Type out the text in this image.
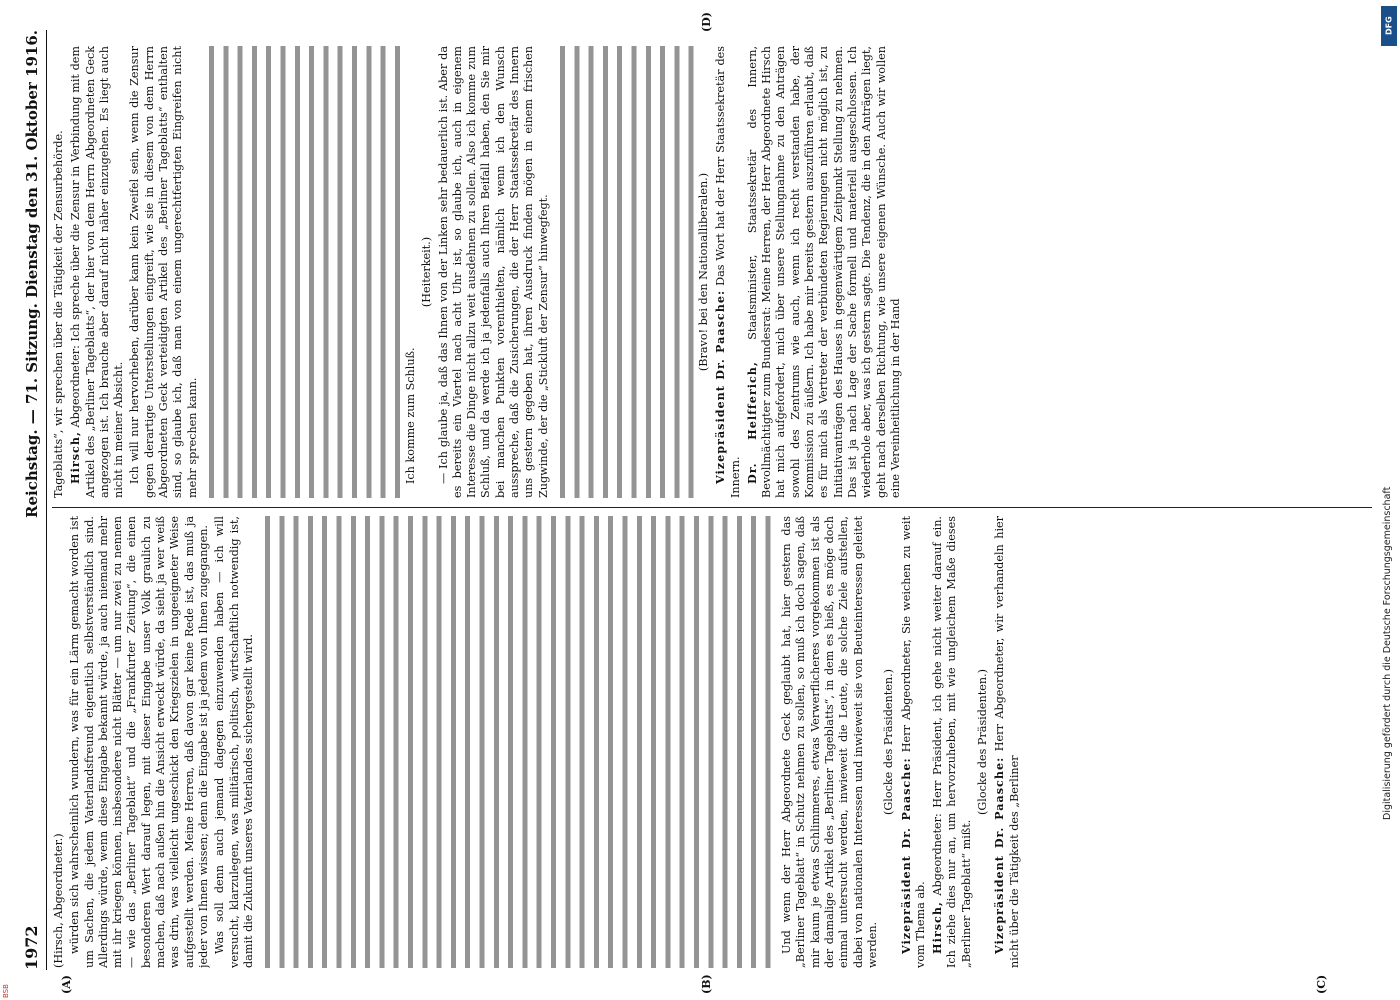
1972
Reichstag. — 71. Sitzung. Dienstag den 31. Oktober 1916.
(A)	(B)	(C)
(D)

(Hirsch, Abgeordneter.) würden sich wahrscheinlich wundern, was für ein Lärm gemacht worden ist um Sachen, die jedem Vaterlandsfreund eigentlich selbstverständlich sind. Allerdings würde, wenn diese Eingabe bekannt würde, ja auch niemand mehr mit ihr kriegen können, insbesondere nicht Blätter — um nur zwei zu nennen — wie das „Berliner Tageblatt“ und die „Frankfurter Zeitung“, die einen besonderen Wert darauf legen, mit dieser Eingabe unser Volk graulich zu machen, daß nach außen hin die Ansicht erweckt würde, da sieht ja wer weiß was drin, was vielleicht ungeschickt den Kriegszielen in ungeeigneter Weise aufgestellt werden. Meine Herren, daß davon gar keine Rede ist, das muß ja jeder von Ihnen wissen; denn die Eingabe ist ja jedem von Ihnen zugegangen. Was soll denn auch jemand dagegen einzuwenden haben — ich will versucht, klarzulegen, was militärisch, politisch, wirtschaftlich notwendig ist, damit die Zukunft unseres Vaterlandes sichergestellt wird.	Und wenn der Herr Abgeordnete Geck geglaubt hat, hier gestern das „Berliner Tageblatt“ in Schutz nehmen zu sollen, so muß ich doch sagen, daß mir kaum je etwas Schlimmeres, etwas Verwerflicheres vorgekommen ist als der damalige Artikel des „Berliner Tageblatts“, in dem es hieß, es möge doch einmal untersucht werden, inwieweit die Leute, die solche Ziele aufstellen, dabei von nationalen Interessen und inwieweit sie von Beuteinteressen geleitet werden.

(Glocke des Präsidenten.)

Vizepräsident Dr. Paasche: Herr Abgeordneter, Sie weichen zu weit vom Thema ab. Hirsch, Abgeordneter: Herr Präsident, ich gehe nicht weiter darauf ein. Ich ziehe dies nur an, um hervorzuheben, mit wie ungleichem Maße dieses „Berliner Tageblatt“ mißt.

(Glocke des Präsidenten.)

Vizepräsident Dr. Paasche: Herr Abgeordneter, wir verhandeln hier nicht über die Tätigkeit des „Berliner

Tageblatts“, wir sprechen über die Tätigkeit der Zensurbehörde. Hirsch, Abgeordneter: Ich spreche über die Zensur in Verbindung mit dem Artikel des „Berliner Tageblatts“, der hier von dem Herrn Abgeordneten Geck angezogen ist. Ich brauche aber darauf nicht näher einzugehen. Es liegt auch nicht in meiner Absicht. Ich will nur hervorheben, darüber kann kein Zweifel sein, wenn die Zensur gegen derartige Unterstellungen eingreift, wie sie in diesem von dem Herrn Abgeordneten Geck verteidigten Artikel des „Berliner Tageblatts“ enthalten sind, so glaube ich, daß man von einem ungerechtfertigten Eingreifen nicht mehr sprechen kann.	Ich komme zum Schluß.

(Heiterkeit.) — Ich glaube ja, daß das Ihnen von der Linken sehr bedauerlich ist. Aber da es bereits ein Viertel nach acht Uhr ist, so glaube ich, auch in eigenem Interesse die Dinge nicht allzu weit ausdehnen zu sollen. Also ich komme zum Schluß, und da werde ich ja jedenfalls auch Ihren Beifall haben, den Sie mir bei manchen Punkten vorenthielten, nämlich wenn ich den Wunsch ausspreche, daß die Zusicherungen, die der Herr Staatssekretär des Innern uns gestern gegeben hat, ihren Ausdruck finden mögen in einem frischen Zugwinde, der die „Stickluft der Zensur“ hinwegfegt.	(Bravo! bei den Nationalliberalen.)

Vizepräsident Dr. Paasche: Das Wort hat der Herr Staatssekretär des Innern. Dr. Helfferich, Staatsminister, Staatssekretär des Innern, Bevollmächtigter zum Bundesrat: Meine Herren, der Herr Abgeordnete Hirsch hat mich aufgefordert, mich über unsere Stellungnahme zu den Anträgen sowohl des Zentrums wie auch, wenn ich recht verstanden habe, der Kommission zu äußern. Ich habe mir bereits gestern auszuführen erlaubt, daß es für mich als Vertreter der verbündeten Regierungen nicht möglich ist, zu Initiativanträgen des Hauses in gegenwärtigem Zeitpunkt Stellung zu nehmen. Das ist ja nach Lage der Sache formell und materiell ausgeschlossen. Ich wiederhole aber, was ich gestern sagte. Die Tendenz, die in den Anträgen liegt, geht nach derselben Richtung, wie unsere eigenen Wünsche. Auch wir wollen eine Vereinheitlichung in der Hand

DFG
Digitalisierung gefördert durch die Deutsche Forschungsgemeinschaft
BSB
